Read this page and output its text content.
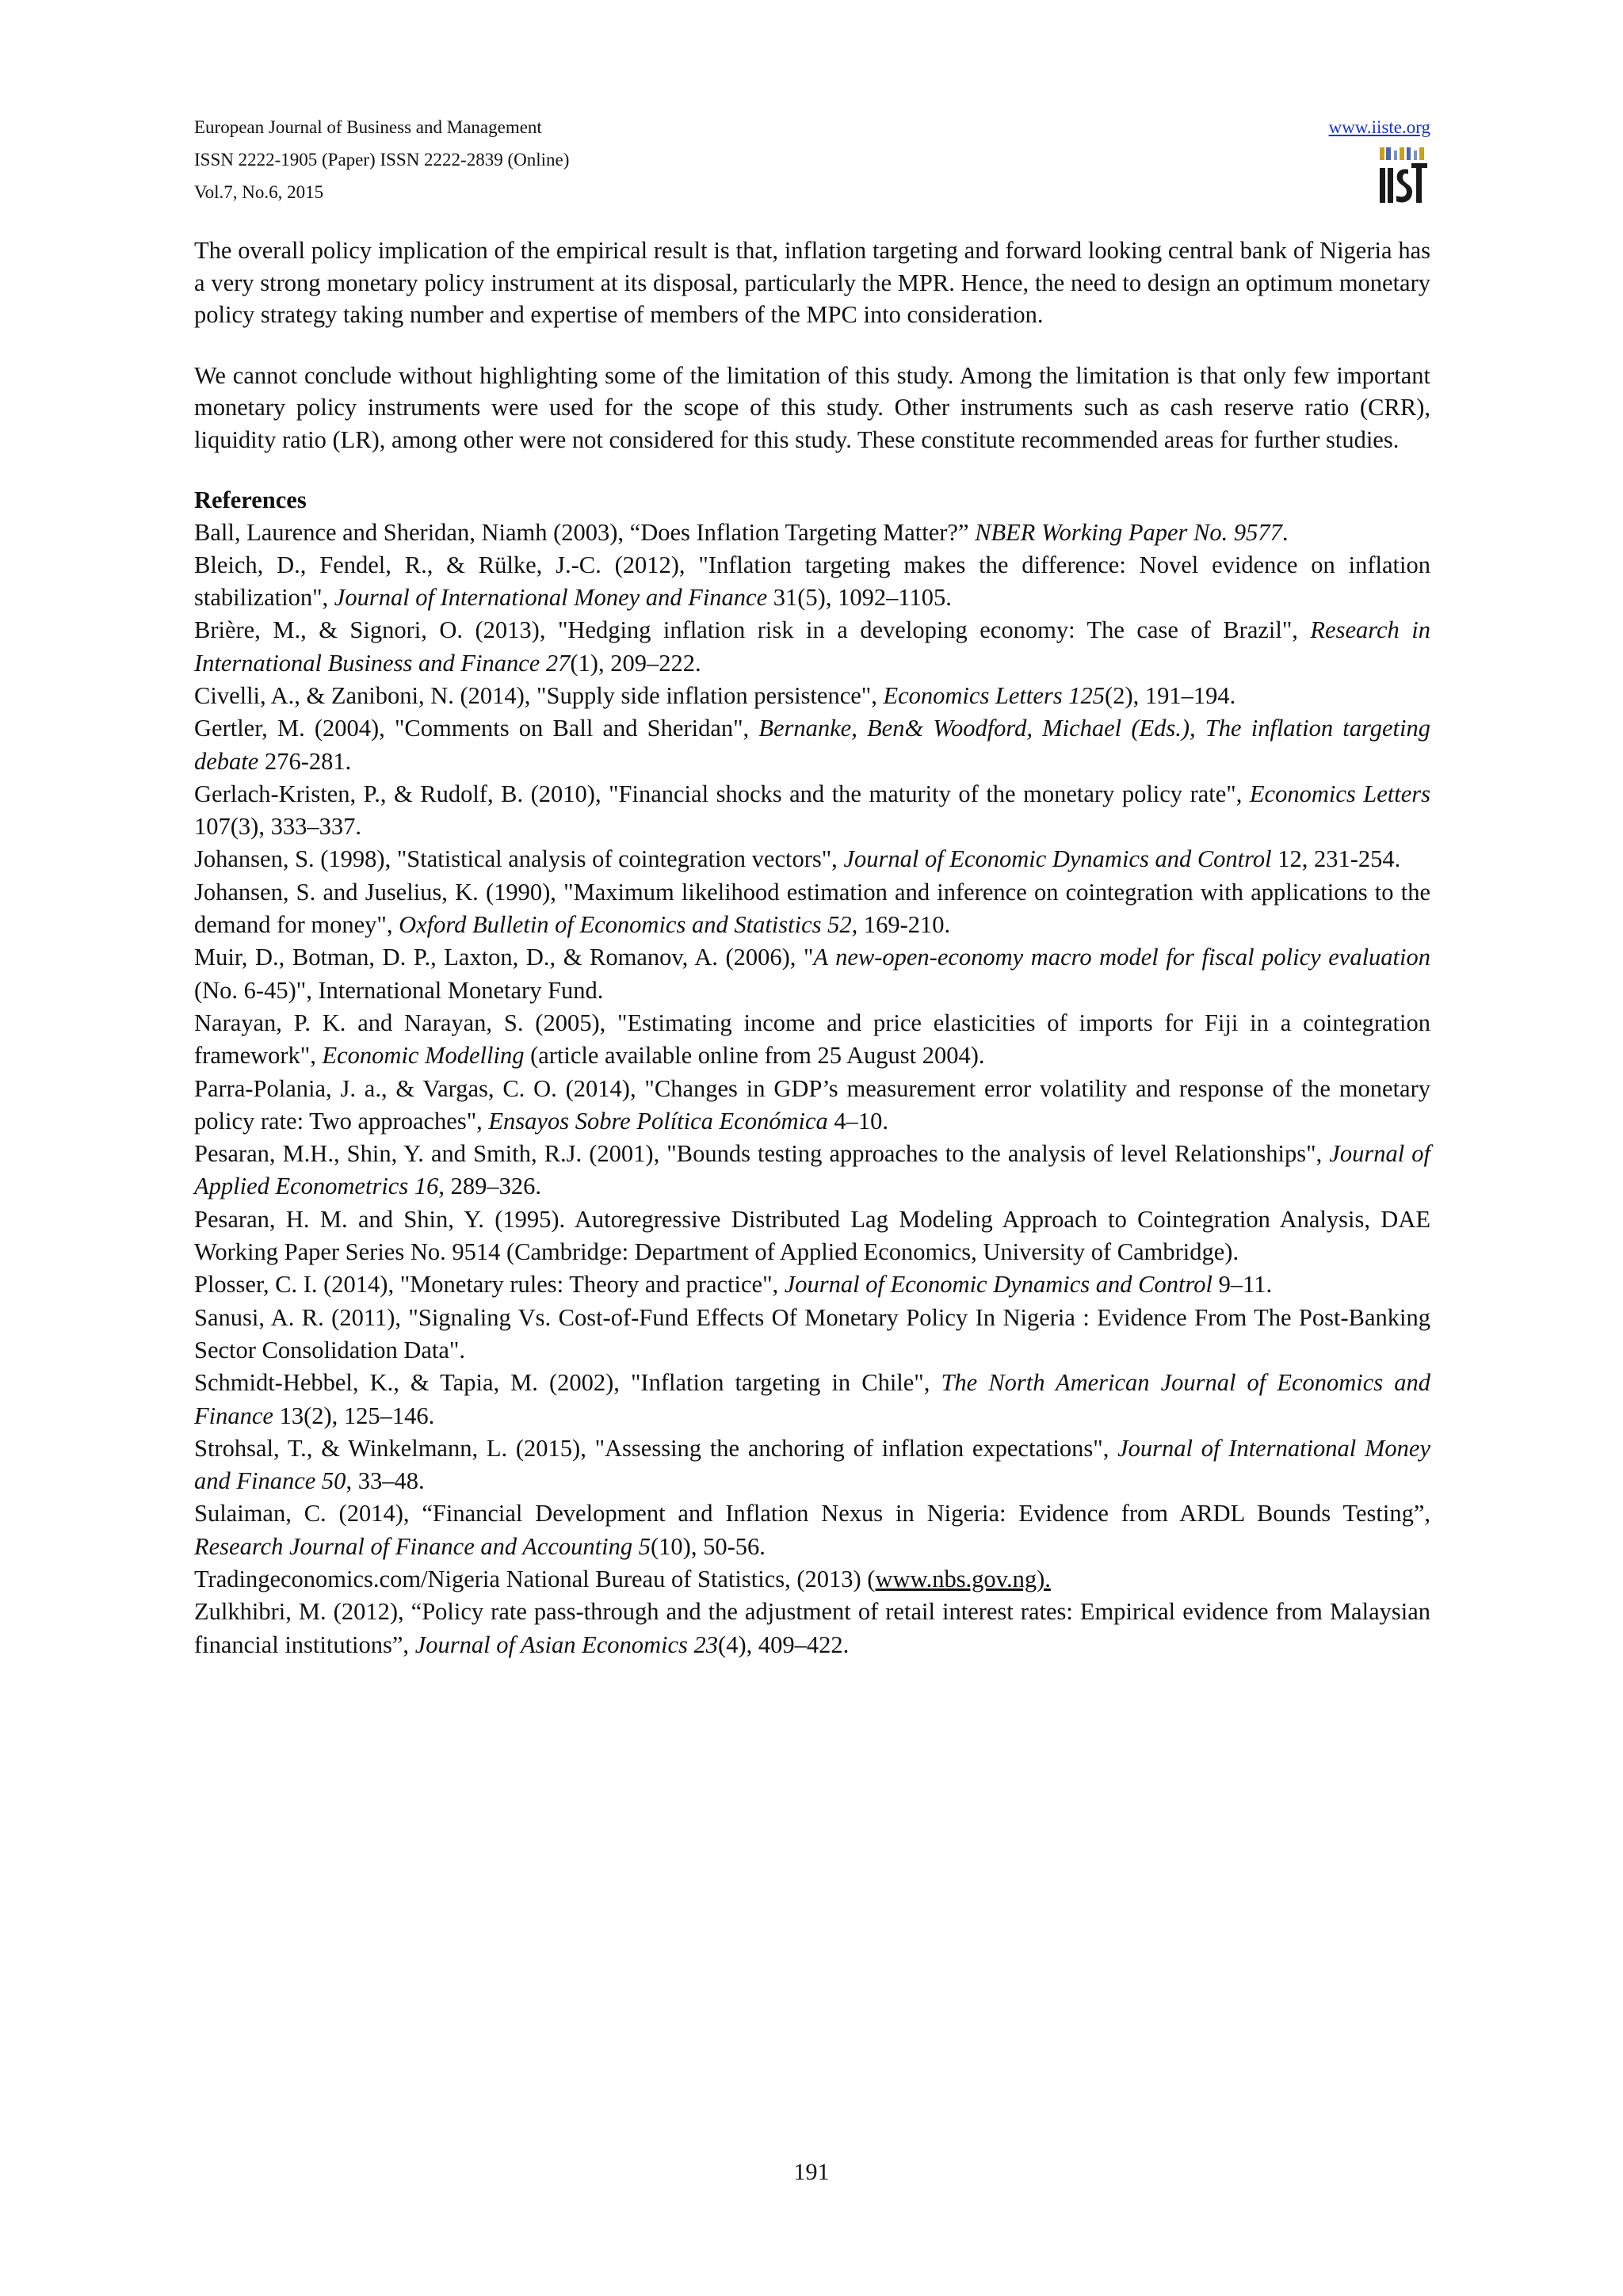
European Journal of Business and Management
ISSN 2222-1905 (Paper) ISSN 2222-2839 (Online)
Vol.7, No.6, 2015
www.iiste.org

The overall policy implication of the empirical result is that, inflation targeting and forward looking central bank of Nigeria has a very strong monetary policy instrument at its disposal, particularly the MPR. Hence, the need to design an optimum monetary policy strategy taking number and expertise of members of the MPC into consideration.

We cannot conclude without highlighting some of the limitation of this study. Among the limitation is that only few important monetary policy instruments were used for the scope of this study. Other instruments such as cash reserve ratio (CRR), liquidity ratio (LR), among other were not considered for this study. These constitute recommended areas for further studies.

References

Ball, Laurence and Sheridan, Niamh (2003), “Does Inflation Targeting Matter?” NBER Working Paper No. 9577.

Bleich, D., Fendel, R., & Rülke, J.-C. (2012), "Inflation targeting makes the difference: Novel evidence on inflation stabilization", Journal of International Money and Finance 31(5), 1092–1105.

Brière, M., & Signori, O. (2013), "Hedging inflation risk in a developing economy: The case of Brazil", Research in International Business and Finance 27(1), 209–222.

Civelli, A., & Zaniboni, N. (2014), "Supply side inflation persistence", Economics Letters 125(2), 191–194.

Gertler, M. (2004), "Comments on Ball and Sheridan", Bernanke, Ben& Woodford, Michael (Eds.), The inflation targeting debate 276-281.

Gerlach-Kristen, P., & Rudolf, B. (2010), "Financial shocks and the maturity of the monetary policy rate", Economics Letters 107(3), 333–337.

Johansen, S. (1998), "Statistical analysis of cointegration vectors", Journal of Economic Dynamics and Control 12, 231-254.

Johansen, S. and Juselius, K. (1990), "Maximum likelihood estimation and inference on cointegration with applications to the demand for money", Oxford Bulletin of Economics and Statistics 52, 169-210.

Muir, D., Botman, D. P., Laxton, D., & Romanov, A. (2006), "A new-open-economy macro model for fiscal policy evaluation (No. 6-45)", International Monetary Fund.

Narayan, P. K. and Narayan, S. (2005), "Estimating income and price elasticities of imports for Fiji in a cointegration framework", Economic Modelling (article available online from 25 August 2004).

Parra-Polania, J. a., & Vargas, C. O. (2014), "Changes in GDP’s measurement error volatility and response of the monetary policy rate: Two approaches", Ensayos Sobre Política Económica 4–10.

Pesaran, M.H., Shin, Y. and Smith, R.J. (2001), "Bounds testing approaches to the analysis of level Relationships", Journal of Applied Econometrics 16, 289–326.

Pesaran, H. M. and Shin, Y. (1995). Autoregressive Distributed Lag Modeling Approach to Cointegration Analysis, DAE Working Paper Series No. 9514 (Cambridge: Department of Applied Economics, University of Cambridge).

Plosser, C. I. (2014), "Monetary rules: Theory and practice", Journal of Economic Dynamics and Control 9–11.

Sanusi, A. R. (2011), "Signaling Vs. Cost-of-Fund Effects Of Monetary Policy In Nigeria : Evidence From The Post-Banking Sector Consolidation Data".

Schmidt-Hebbel, K., & Tapia, M. (2002), "Inflation targeting in Chile", The North American Journal of Economics and Finance 13(2), 125–146.

Strohsal, T., & Winkelmann, L. (2015), "Assessing the anchoring of inflation expectations", Journal of International Money and Finance 50, 33–48.

Sulaiman, C. (2014), “Financial Development and Inflation Nexus in Nigeria: Evidence from ARDL Bounds Testing”, Research Journal of Finance and Accounting 5(10), 50-56.

Tradingeconomics.com/Nigeria National Bureau of Statistics, (2013) (www.nbs.gov.ng).

Zulkhibri, M. (2012), “Policy rate pass-through and the adjustment of retail interest rates: Empirical evidence from Malaysian financial institutions”, Journal of Asian Economics 23(4), 409–422.

191
